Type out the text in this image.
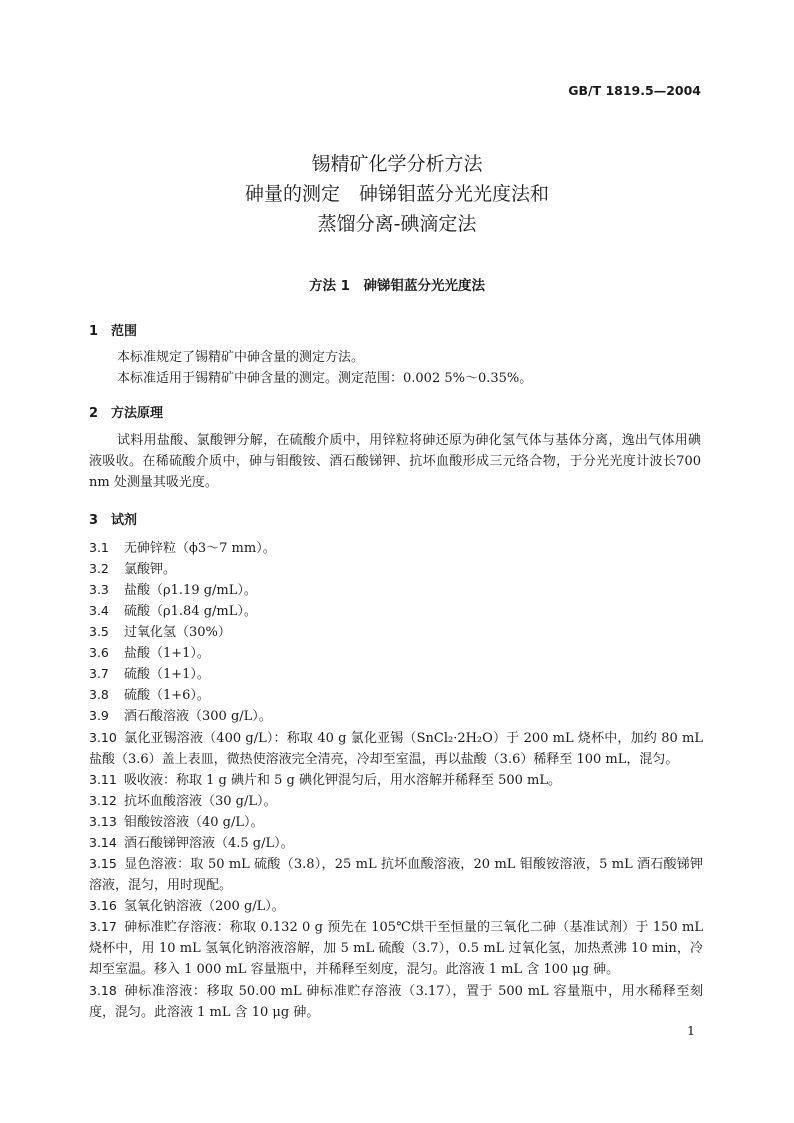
GB/T 1819.5—2004
锡精矿化学分析方法
砷量的测定　砷锑钼蓝分光光度法和
蒸馏分离-碘滴定法
方法 1　砷锑钼蓝分光光度法
1 范围
本标准规定了锡精矿中砷含量的测定方法。
本标准适用于锡精矿中砷含量的测定。测定范围：0.002 5%～0.35%。
2 方法原理
试料用盐酸、氯酸钾分解，在硫酸介质中，用锌粒将砷还原为砷化氢气体与基体分离，逸出气体用碘液吸收。在稀硫酸介质中，砷与钼酸铵、酒石酸锑钾、抗坏血酸形成三元络合物，于分光光度计波长700 nm 处测量其吸光度。
3 试剂
3.1 无砷锌粒（ϕ3～7 mm）。
3.2 氯酸钾。
3.3 盐酸（ρ1.19 g/mL）。
3.4 硫酸（ρ1.84 g/mL）。
3.5 过氧化氢（30%）
3.6 盐酸（1+1）。
3.7 硫酸（1+1）。
3.8 硫酸（1+6）。
3.9 酒石酸溶液（300 g/L）。
3.10 氯化亚锡溶液（400 g/L）：称取 40 g 氯化亚锡（SnCl₂·2H₂O）于 200 mL 烧杯中，加约 80 mL 盐酸（3.6）盖上表皿，微热使溶液完全清亮，冷却至室温，再以盐酸（3.6）稀释至 100 mL，混匀。
3.11 吸收液：称取 1 g 碘片和 5 g 碘化钾混匀后，用水溶解并稀释至 500 mL。
3.12 抗坏血酸溶液（30 g/L）。
3.13 钼酸铵溶液（40 g/L）。
3.14 酒石酸锑钾溶液（4.5 g/L）。
3.15 显色溶液：取 50 mL 硫酸（3.8），25 mL 抗坏血酸溶液，20 mL 钼酸铵溶液，5 mL 酒石酸锑钾溶液，混匀，用时现配。
3.16 氢氧化钠溶液（200 g/L）。
3.17 砷标准贮存溶液：称取 0.132 0 g 预先在 105℃烘干至恒量的三氧化二砷（基准试剂）于 150 mL 烧杯中，用 10 mL 氢氧化钠溶液溶解，加 5 mL 硫酸（3.7），0.5 mL 过氧化氢，加热煮沸 10 min，冷却至室温。移入 1 000 mL 容量瓶中，并稀释至刻度，混匀。此溶液 1 mL 含 100 μg 砷。
3.18 砷标准溶液：移取 50.00 mL 砷标准贮存溶液（3.17），置于 500 mL 容量瓶中，用水稀释至刻度，混匀。此溶液 1 mL 含 10 μg 砷。
1
